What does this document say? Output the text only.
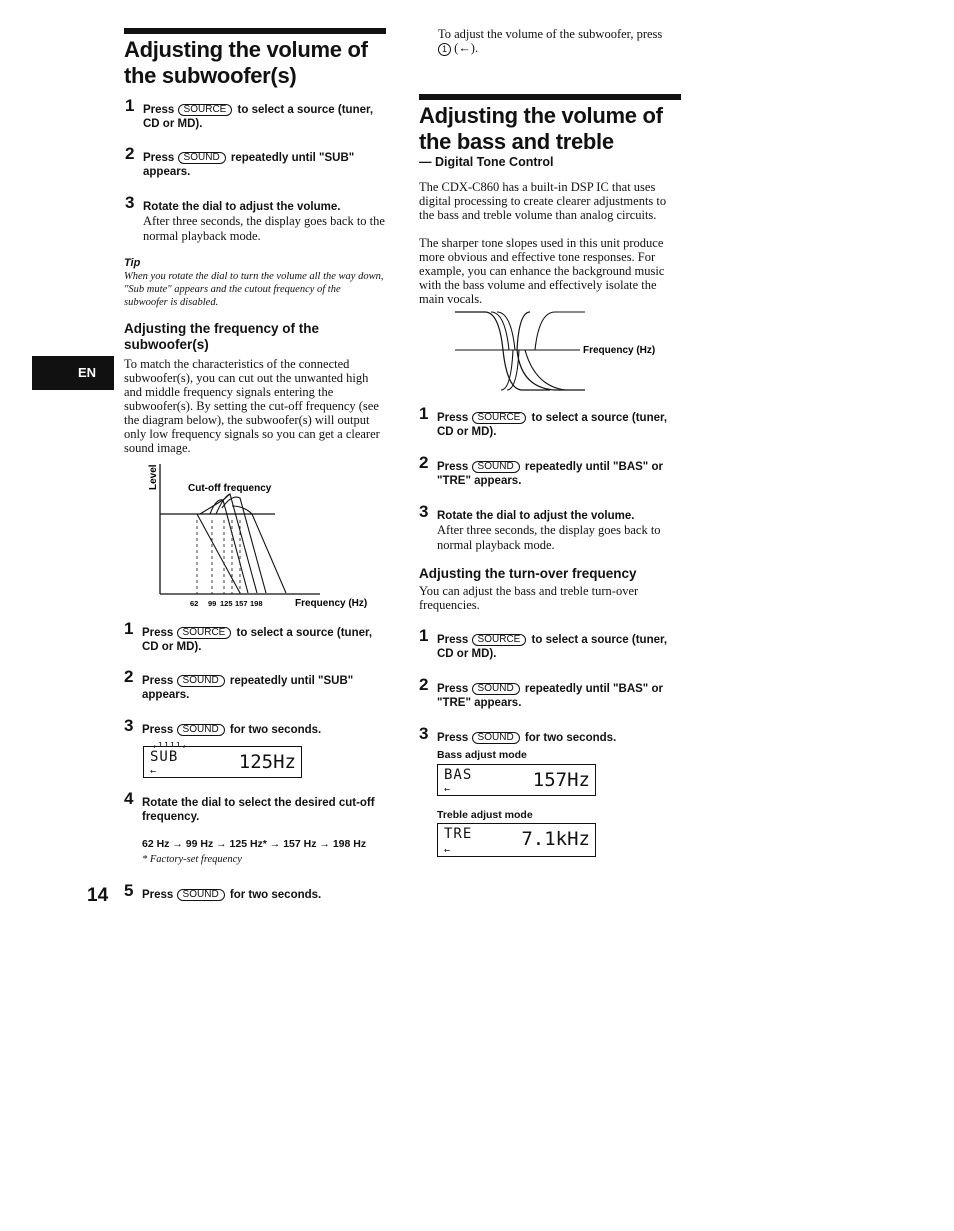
Adjusting the volume of the subwoofer(s)
1 Press SOURCE to select a source (tuner, CD or MD).
2 Press SOUND repeatedly until "SUB" appears.
3 Rotate the dial to adjust the volume.
After three seconds, the display goes back to the normal playback mode.
Tip
When you rotate the dial to turn the volume all the way down, "Sub mute" appears and the cutout frequency of the subwoofer is disabled.
Adjusting the frequency of the subwoofer(s)
To match the characteristics of the connected subwoofer(s), you can cut out the unwanted high and middle frequency signals entering the subwoofer(s). By setting the cut-off frequency (see the diagram below), the subwoofer(s) will output only low frequency signals so you can get a clearer sound image.
EN
Level	Cut-off frequency
62 99 125 157 198	Frequency (Hz)
1 Press SOURCE to select a source (tuner, CD or MD).
2 Press SOUND repeatedly until "SUB" appears.
3 Press SOUND for two seconds.
,ıııı,
SUB	125Hz
←
4 Rotate the dial to select the desired cut-off frequency.
62 Hz → 99 Hz → 125 Hz* → 157 Hz → 198 Hz
* Factory-set frequency
14 5 Press SOUND for two seconds.
To adjust the volume of the subwoofer, press 1 (←).
Adjusting the volume of the bass and treble
— Digital Tone Control
The CDX-C860 has a built-in DSP IC that uses digital processing to create clearer adjustments to the bass and treble volume than analog circuits.
The sharper tone slopes used in this unit produce more obvious and effective tone responses. For example, you can enhance the background music with the bass volume and effectively isolate the main vocals.
Frequency (Hz)
1 Press SOURCE to select a source (tuner, CD or MD).
2 Press SOUND repeatedly until "BAS" or "TRE" appears.
3 Rotate the dial to adjust the volume.
After three seconds, the display goes back to normal playback mode.
Adjusting the turn-over frequency
You can adjust the bass and treble turn-over frequencies.
1 Press SOURCE to select a source (tuner, CD or MD).
2 Press SOUND repeatedly until "BAS" or "TRE" appears.
3 Press SOUND for two seconds.
Bass adjust mode
BAS	157Hz
←
Treble adjust mode
TRE	7.1kHz
←
